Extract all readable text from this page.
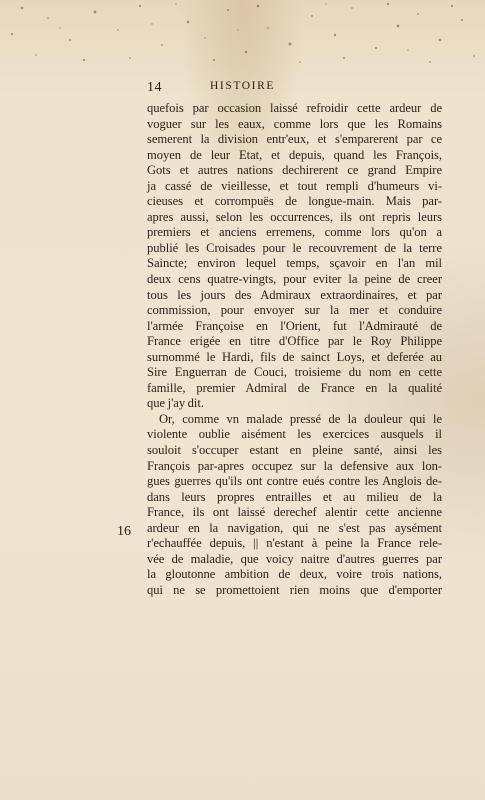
14	HISTOIRE
16
quefois par occasion laissé refroidir cette ardeur de
voguer sur les eaux, comme lors que les Romains
semerent la division entr'eux, et s'emparerent par ce
moyen de leur Etat, et depuis, quand les François,
Gots et autres nations dechirerent ce grand Empire
ja cassé de vieillesse, et tout rempli d'humeurs vi-
cieuses et corrompuës de longue-main. Mais par-
apres aussi, selon les occurrences, ils ont repris leurs
premiers et anciens erremens, comme lors qu'on a
publié les Croisades pour le recouvrement de la terre
Saincte; environ lequel temps, sçavoir en l'an mil
deux cens quatre-vingts, pour eviter la peine de creer
tous les jours des Admiraux extraordinaires, et par
commission, pour envoyer sur la mer et conduire
l'armée Françoise en l'Orient, fut l'Admirauté de
France erigée en titre d'Office par le Roy Philippe
surnommé le Hardi, fils de sainct Loys, et deferée au
Sire Enguerran de Couci, troisieme du nom en cette
famille, premier Admiral de France en la qualité
que j'ay dit.
Or, comme vn malade pressé de la douleur qui le
violente oublie aisément les exercices ausquels il
souloit s'occuper estant en pleine santé, ainsi les
François par-apres occupez sur la defensive aux lon-
gues guerres qu'ils ont contre eués contre les Anglois de-
dans leurs propres entrailles et au milieu de la
France, ils ont laissé derechef alentir cette ancienne
ardeur en la navigation, qui ne s'est pas aysément
r'echauffée depuis, || n'estant à peine la France rele-
vée de maladie, que voicy naitre d'autres guerres par
la gloutonne ambition de deux, voire trois nations,
qui ne se promettoient rien moins que d'emporter
